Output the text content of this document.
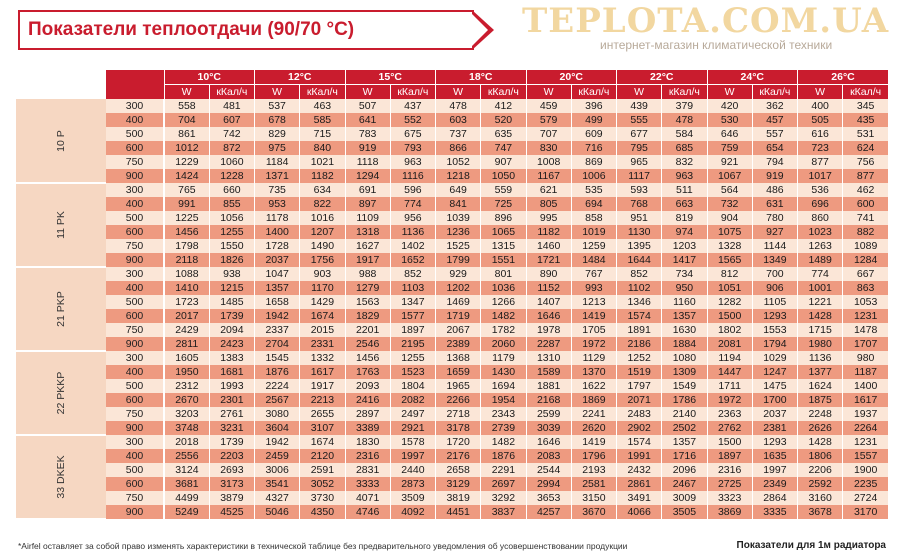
Показатели теплоотдачи (90/70 °С)	TEPLOTA.COM.UA
интернет-магазин климатической техники
		10°C		12°C		15°C		18°C		20°C		22°C		24°C		26°C	
		W	кКал/ч	W	кКал/ч	W	кКал/ч	W	кКал/ч	W	кКал/ч	W	кКал/ч	W	кКал/ч	W	кКал/ч

10 P	300	558	481	537	463	507	437	478	412	459	396	439	379	420	362	400	345
	400	704	607	678	585	641	552	603	520	579	499	555	478	530	457	505	435
	500	861	742	829	715	783	675	737	635	707	609	677	584	646	557	616	531
	600	1012	872	975	840	919	793	866	747	830	716	795	685	759	654	723	624
	750	1229	1060	1184	1021	1118	963	1052	907	1008	869	965	832	921	794	877	756
	900	1424	1228	1371	1182	1294	1116	1218	1050	1167	1006	1117	963	1067	919	1017	877

11 PK	300	765	660	735	634	691	596	649	559	621	535	593	511	564	486	536	462
	400	991	855	953	822	897	774	841	725	805	694	768	663	732	631	696	600
	500	1225	1056	1178	1016	1109	956	1039	896	995	858	951	819	904	780	860	741
	600	1456	1255	1400	1207	1318	1136	1236	1065	1182	1019	1130	974	1075	927	1023	882
	750	1798	1550	1728	1490	1627	1402	1525	1315	1460	1259	1395	1203	1328	1144	1263	1089
	900	2118	1826	2037	1756	1917	1652	1799	1551	1721	1484	1644	1417	1565	1349	1489	1284

21 PKP	300	1088	938	1047	903	988	852	929	801	890	767	852	734	812	700	774	667
	400	1410	1215	1357	1170	1279	1103	1202	1036	1152	993	1102	950	1051	906	1001	863
	500	1723	1485	1658	1429	1563	1347	1469	1266	1407	1213	1346	1160	1282	1105	1221	1053
	600	2017	1739	1942	1674	1829	1577	1719	1482	1646	1419	1574	1357	1500	1293	1428	1231
	750	2429	2094	2337	2015	2201	1897	2067	1782	1978	1705	1891	1630	1802	1553	1715	1478
	900	2811	2423	2704	2331	2546	2195	2389	2060	2287	1972	2186	1884	2081	1794	1980	1707

22 PKKP	300	1605	1383	1545	1332	1456	1255	1368	1179	1310	1129	1252	1080	1194	1029	1136	980
	400	1950	1681	1876	1617	1763	1523	1659	1430	1589	1370	1519	1309	1447	1247	1377	1187
	500	2312	1993	2224	1917	2093	1804	1965	1694	1881	1622	1797	1549	1711	1475	1624	1400
	600	2670	2301	2567	2213	2416	2082	2266	1954	2168	1869	2071	1786	1972	1700	1875	1617
	750	3203	2761	3080	2655	2897	2497	2718	2343	2599	2241	2483	2140	2363	2037	2248	1937
	900	3748	3231	3604	3107	3389	2921	3178	2739	3039	2620	2902	2502	2762	2381	2626	2264

33 DKEK	300	2018	1739	1942	1674	1830	1578	1720	1482	1646	1419	1574	1357	1500	1293	1428	1231
	400	2556	2203	2459	2120	2316	1997	2176	1876	2083	1796	1991	1716	1897	1635	1806	1557
	500	3124	2693	3006	2591	2831	2440	2658	2291	2544	2193	2432	2096	2316	1997	2206	1900
	600	3681	3173	3541	3052	3333	2873	3129	2697	2994	2581	2861	2467	2725	2349	2592	2235
	750	4499	3879	4327	3730	4071	3509	3819	3292	3653	3150	3491	3009	3323	2864	3160	2724
	900	5249	4525	5046	4350	4746	4092	4451	3837	4257	3670	4066	3505	3869	3335	3678	3170
*Airfel оставляет за собой право изменять характеристики в технической таблице без предварительного уведомления об усовершенствовании продукции	Показатели для 1м радиатора
